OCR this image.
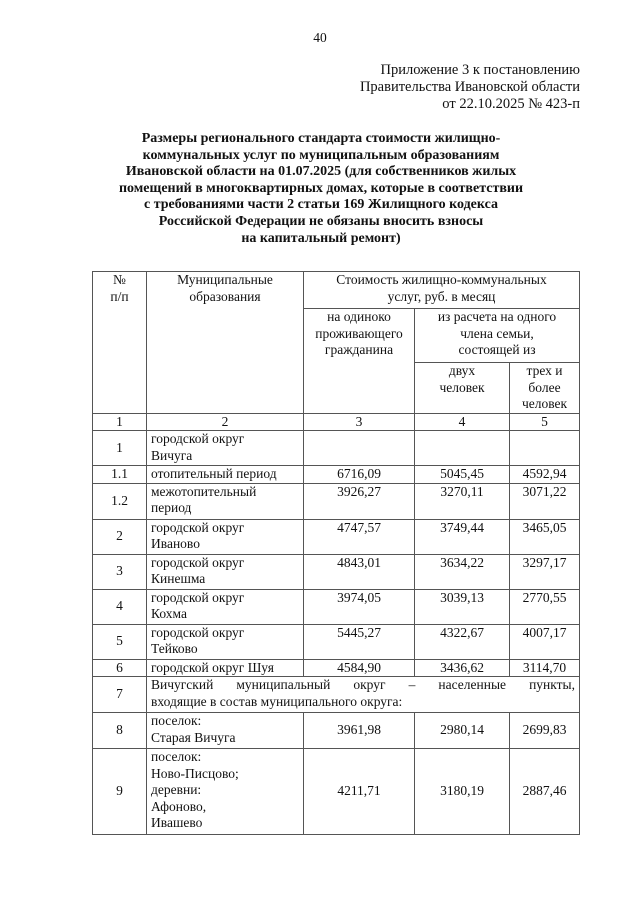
40
Приложение 3 к постановлению
Правительства Ивановской области
от 22.10.2025 № 423-п
Размеры регионального стандарта стоимости жилищно-
коммунальных услуг по муниципальным образованиям
Ивановской области на 01.07.2025 (для собственников жилых
помещений в многоквартирных домах, которые в соответствии
с требованиями части 2 статьи 169 Жилищного кодекса
Российской Федерации не обязаны вносить взносы
на капитальный ремонт)
№
п/п

Муниципальные
образования

Стоимость жилищно-коммунальных
услуг, руб. в месяц

на одиноко
проживающего
гражданина

из расчета на одного
члена семьи,
состоящей из

двух
человек

трех и
более
человек

1	2	3	4	5
1	городской округ
Вичуга			

1.1	отопительный период	6716,09	5045,45	4592,94
1.2	межотопительный
период	3926,27	3270,11	3071,22
2	городской округ
Иваново	4747,57	3749,44	3465,05
3	городской округ
Кинешма	4843,01	3634,22	3297,17
4	городской округ
Кохма	3974,05	3039,13	2770,55
5	городской округ
Тейково	5445,27	4322,67	4007,17
6	городской округ Шуя	4584,90	3436,62	3114,70
7	Вичугский муниципальный округ – населенные пункты,
входящие в состав муниципального округа:			

8	поселок:
Старая Вичуга	3961,98	2980,14	2699,83
9	поселок:
Ново-Писцово;
деревни:
Афоново,
Ивашево	4211,71	3180,19	2887,46
